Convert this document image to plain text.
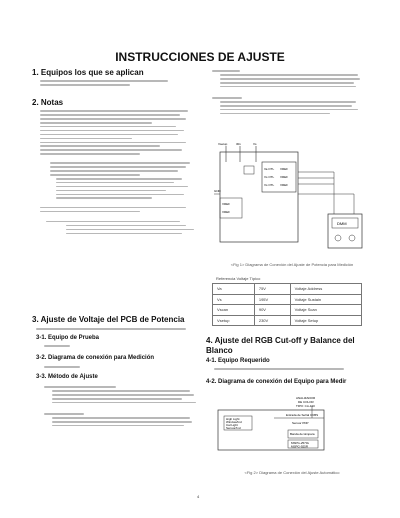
INSTRUCCIONES DE AJUSTE
1. Equipos los que se aplican
2. Notas
3. Ajuste de Voltaje del PCB de Potencia
3-1. Equipo de Prueba
3-2. Diagrama de conexión para Medición
3-3. Método de Ajuste
Vsetup	30v	Vs
GND
Va OTL
Vs OTL
Vs OTL
VREF
VREF
VREF
VREF
VREF
DMM
<Fig 1> Diagrama de Conexión del Ajuste de Potencia para Medición
Referencia Voltaje Típico
Va	75V	Voltaje Address
Vs	195V	Voltaje Sustain
Vscan	90V	Voltaje Scan
Vsetup	230V	Voltaje Setup
4. Ajuste del RGB Cut-off y Balance del Blanco
4-1. Equipo Requerido
4-2. Diagrama de conexión del Equipo para Medir
ANALIZADOR
DE COLOR
TIPO: CA-100
Entrada de Señal CVBS
Sensor PDP
High Light
Window/Ind
Cal Light
Sensor/Ind
Banda de lámpara
MSPG-2570x
MSPG-925R
<Fig 2> Diagrama de Conexión del Ajuste Automático
4
